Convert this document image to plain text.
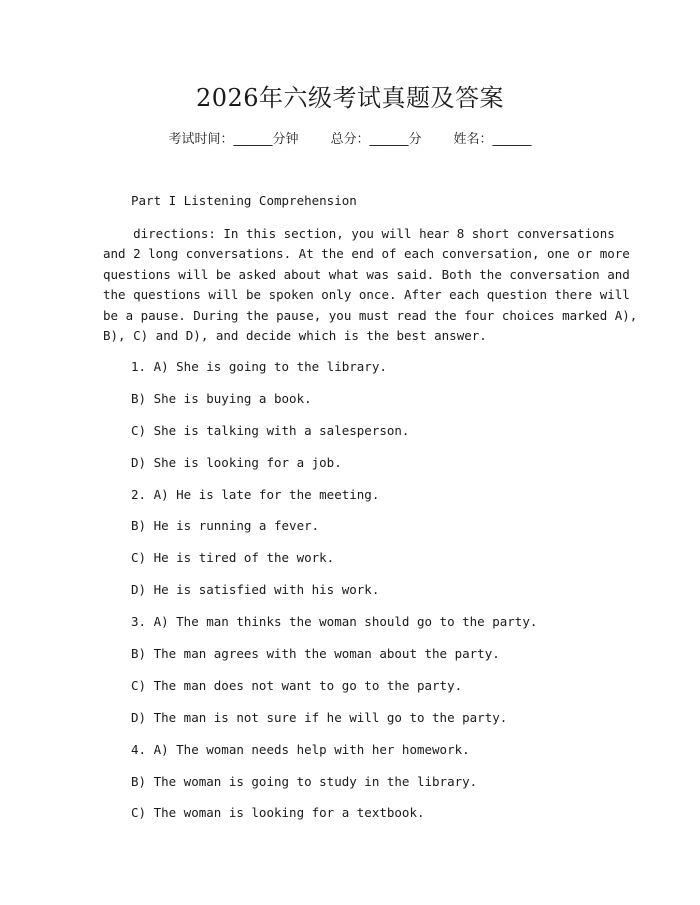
2026年六级考试真题及答案
考试时间：______分钟 总分：______分 姓名：______
Part I Listening Comprehension
directions: In this section, you will hear 8 short conversations
and 2 long conversations. At the end of each conversation, one or more
questions will be asked about what was said. Both the conversation and
the questions will be spoken only once. After each question there will
be a pause. During the pause, you must read the four choices marked A),
B), C) and D), and decide which is the best answer.
1. A) She is going to the library.
B) She is buying a book.
C) She is talking with a salesperson.
D) She is looking for a job.
2. A) He is late for the meeting.
B) He is running a fever.
C) He is tired of the work.
D) He is satisfied with his work.
3. A) The man thinks the woman should go to the party.
B) The man agrees with the woman about the party.
C) The man does not want to go to the party.
D) The man is not sure if he will go to the party.
4. A) The woman needs help with her homework.
B) The woman is going to study in the library.
C) The woman is looking for a textbook.
